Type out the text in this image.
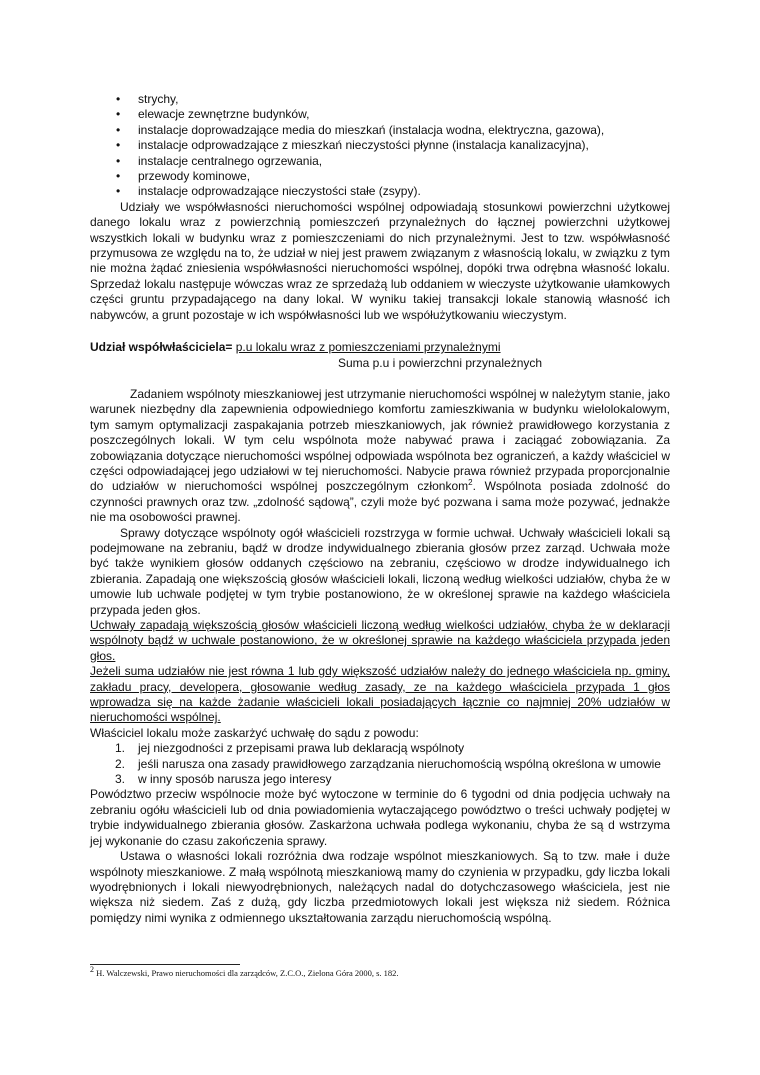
• strychy,
• elewacje zewnętrzne budynków,
• instalacje doprowadzające media do mieszkań (instalacja wodna, elektryczna, gazowa),
• instalacje odprowadzające z mieszkań nieczystości płynne (instalacja kanalizacyjna),
• instalacje centralnego ogrzewania,
• przewody kominowe,
• instalacje odprowadzające nieczystości stałe (zsypy).

Udziały we współwłasności nieruchomości wspólnej odpowiadają stosunkowi powierzchni użytkowej danego lokalu wraz z powierzchnią pomieszczeń przynależnych do łącznej powierzchni użytkowej wszystkich lokali w budynku wraz z pomieszczeniami do nich przynależnymi. Jest to tzw. współwłasność przymusowa ze względu na to, że udział w niej jest prawem związanym z własnością lokalu, w związku z tym nie można żądać zniesienia współwłasności nieruchomości wspólnej, dopóki trwa odrębna własność lokalu. Sprzedaż lokalu następuje wówczas wraz ze sprzedażą lub oddaniem w wieczyste użytkowanie ułamkowych części gruntu przypadającego na dany lokal. W wyniku takiej transakcji lokale stanowią własność ich nabywców, a grunt pozostaje w ich współwłasności lub we współużytkowaniu wieczystym.

Udział współwłaściciela= p.u lokalu wraz z pomieszczeniami przynależnymi
Suma p.u i powierzchni przynależnych

Zadaniem wspólnoty mieszkaniowej jest utrzymanie nieruchomości wspólnej w należytym stanie, jako warunek niezbędny dla zapewnienia odpowiedniego komfortu zamieszkiwania w budynku wielolokalowym, tym samym optymalizacji zaspakajania potrzeb mieszkaniowych, jak również prawidłowego korzystania z poszczególnych lokali. W tym celu wspólnota może nabywać prawa i zaciągać zobowiązania. Za zobowiązania dotyczące nieruchomości wspólnej odpowiada wspólnota bez ograniczeń, a każdy właściciel w części odpowiadającej jego udziałowi w tej nieruchomości. Nabycie prawa również przypada proporcjonalnie do udziałów w nieruchomości wspólnej poszczególnym członkom$^2$. Wspólnota posiada zdolność do czynności prawnych oraz tzw. „zdolność sądową”, czyli może być pozwana i sama może pozywać, jednakże nie ma osobowości prawnej.

Sprawy dotyczące wspólnoty ogół właścicieli rozstrzyga w formie uchwał. Uchwały właścicieli lokali są podejmowane na zebraniu, bądź w drodze indywidualnego zbierania głosów przez zarząd. Uchwała może być także wynikiem głosów oddanych częściowo na zebraniu, częściowo w drodze indywidualnego ich zbierania. Zapadają one większością głosów właścicieli lokali, liczoną według wielkości udziałów, chyba że w umowie lub uchwale podjętej w tym trybie postanowiono, że w określonej sprawie na każdego właściciela przypada jeden głos.

Uchwały zapadają większością głosów właścicieli liczoną według wielkości udziałów, chyba że w deklaracji wspólnoty bądź w uchwale postanowiono, że w określonej sprawie na każdego właściciela przypada jeden głos.

Jeżeli suma udziałów nie jest równa 1 lub gdy większość udziałów należy do jednego właściciela np. gminy, zakładu pracy, developera, głosowanie według zasady, ze na każdego właściciela przypada 1 głos wprowadza się na każde żadanie właścicieli lokali posiadających łącznie co najmniej 20% udziałów w nieruchomości wspólnej.

Właściciel lokalu może zaskarżyć uchwałę do sądu z powodu:

1. jej niezgodności z przepisami prawa lub deklaracją wspólnoty
2. jeśli narusza ona zasady prawidłowego zarządzania nieruchomością wspólną określona w umowie
3. w inny sposób narusza jego interesy

Powództwo przeciw wspólnocie może być wytoczone w terminie do 6 tygodni od dnia podjęcia uchwały na zebraniu ogółu właścicieli lub od dnia powiadomienia wytaczającego powództwo o treści uchwały podjętej w trybie indywidualnego zbierania głosów. Zaskarżona uchwała podlega wykonaniu, chyba że są d wstrzyma jej wykonanie do czasu zakończenia sprawy.

Ustawa o własności lokali rozróżnia dwa rodzaje wspólnot mieszkaniowych. Są to tzw. małe i duże wspólnoty mieszkaniowe. Z małą wspólnotą mieszkaniową mamy do czynienia w przypadku, gdy liczba lokali wyodrębnionych i lokali niewyodrębnionych, należących nadal do dotychczasowego właściciela, jest nie większa niż siedem. Zaś z dużą, gdy liczba przedmiotowych lokali jest większa niż siedem. Różnica pomiędzy nimi wynika z odmiennego ukształtowania zarządu nieruchomością wspólną.

$^2$ H. Walczewski, Prawo nieruchomości dla zarządców, Z.C.O., Zielona Góra 2000, s. 182.
